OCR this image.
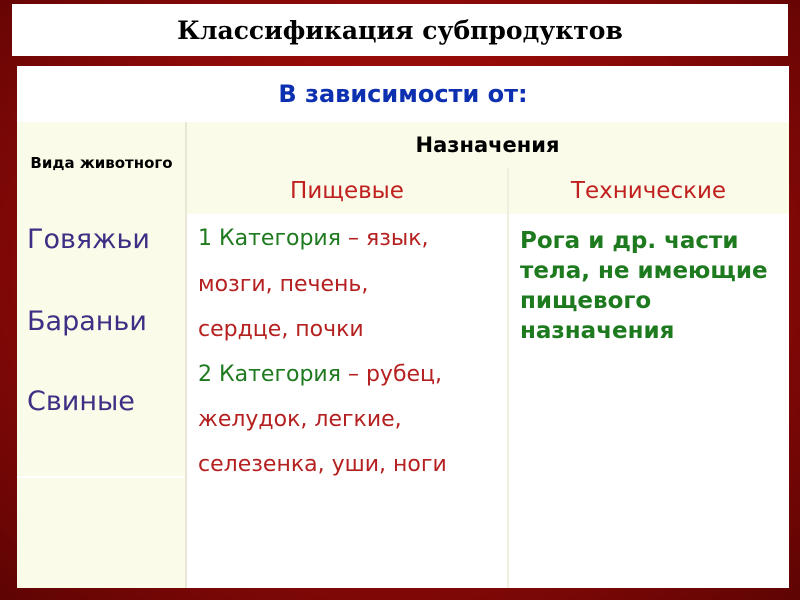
Классификация субпродуктов
В зависимости от:
Вида животного
Назначения
Пищевые	Технические
Говяжьи
Бараньи
Свиные
1 Категория – язык,
мозги, печень,
сердце, почки
2 Категория – рубец,
желудок, легкие,
селезенка, уши, ноги
Рога и др. части тела, не имеющие пищевого назначения
